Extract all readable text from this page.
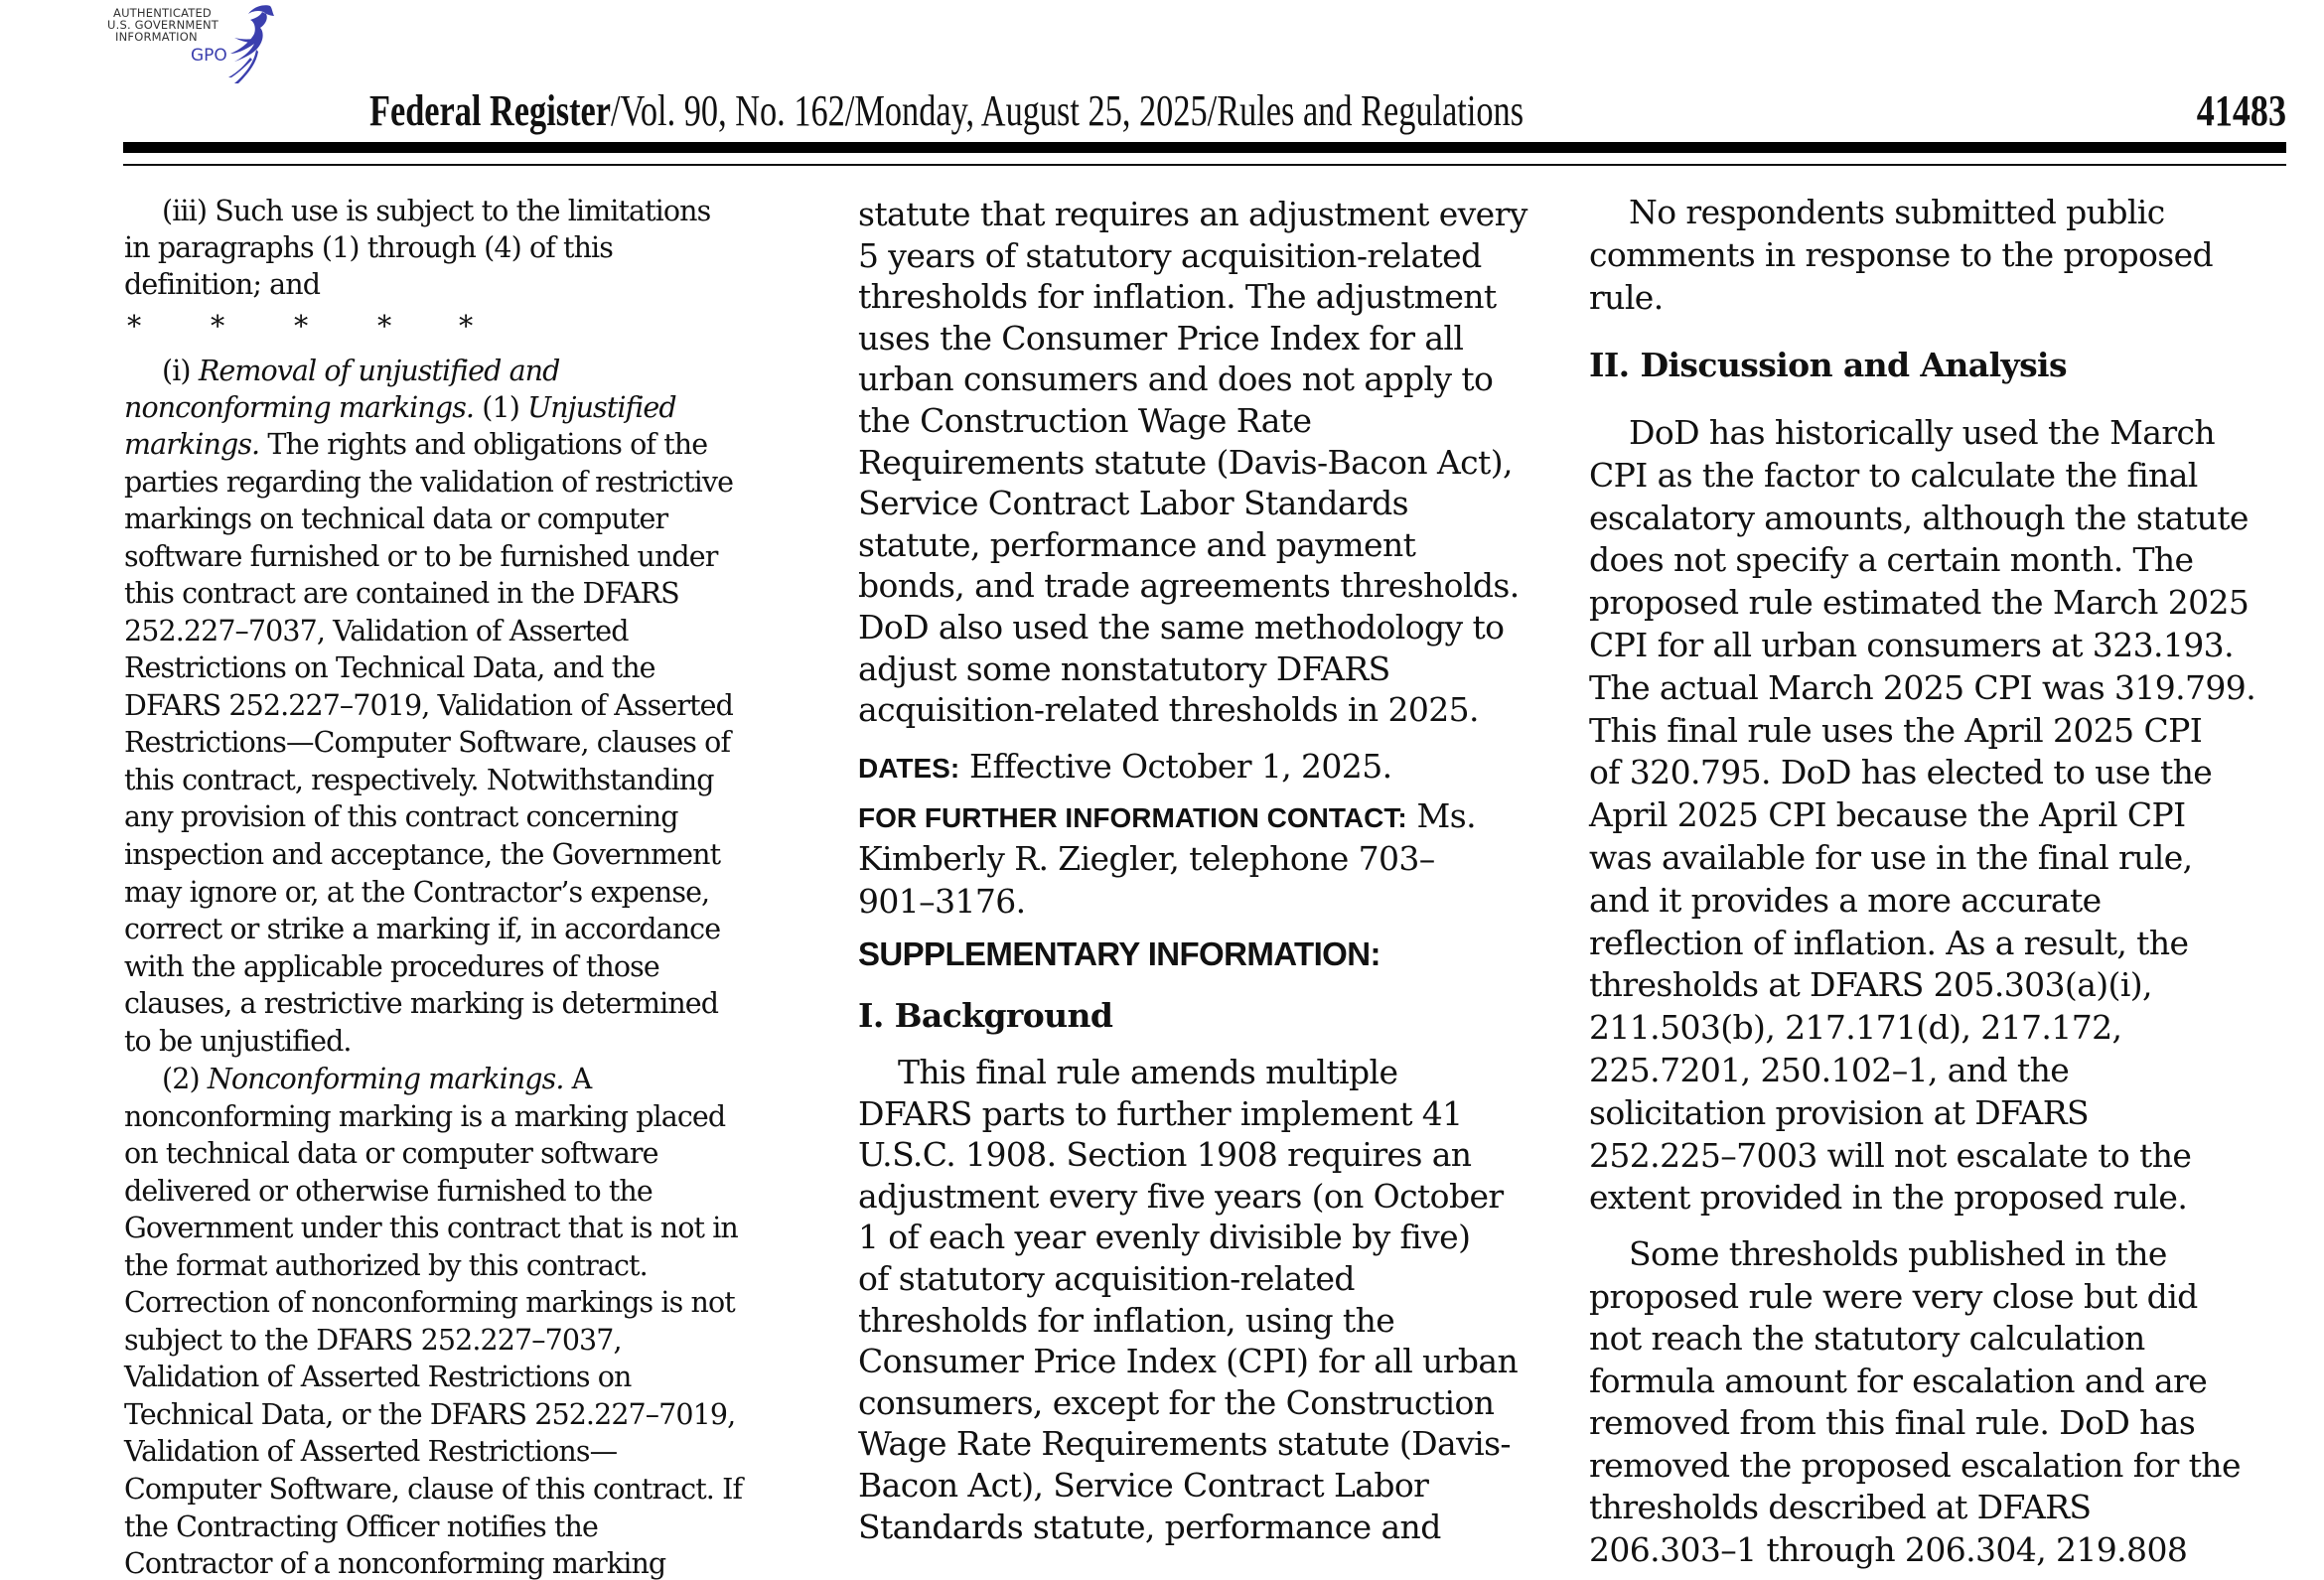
AUTHENTICATED
U.S. GOVERNMENT
INFORMATION
GPO
Federal Register/Vol. 90, No. 162/Monday, August 25, 2025/Rules and Regulations	41483
(iii) Such use is subject to the limitations
in paragraphs (1) through (4) of this
definition; and
* * * * *
(i) Removal of unjustified and
nonconforming markings. (1) Unjustified
markings. The rights and obligations of the
parties regarding the validation of restrictive
markings on technical data or computer
software furnished or to be furnished under
this contract are contained in the DFARS
252.227–7037, Validation of Asserted
Restrictions on Technical Data, and the
DFARS 252.227–7019, Validation of Asserted
Restrictions—Computer Software, clauses of
this contract, respectively. Notwithstanding
any provision of this contract concerning
inspection and acceptance, the Government
may ignore or, at the Contractor’s expense,
correct or strike a marking if, in accordance
with the applicable procedures of those
clauses, a restrictive marking is determined
to be unjustified.
(2) Nonconforming markings. A
nonconforming marking is a marking placed
on technical data or computer software
delivered or otherwise furnished to the
Government under this contract that is not in
the format authorized by this contract.
Correction of nonconforming markings is not
subject to the DFARS 252.227–7037,
Validation of Asserted Restrictions on
Technical Data, or the DFARS 252.227–7019,
Validation of Asserted Restrictions—
Computer Software, clause of this contract. If
the Contracting Officer notifies the
Contractor of a nonconforming marking
statute that requires an adjustment every
5 years of statutory acquisition-related
thresholds for inflation. The adjustment
uses the Consumer Price Index for all
urban consumers and does not apply to
the Construction Wage Rate
Requirements statute (Davis-Bacon Act),
Service Contract Labor Standards
statute, performance and payment
bonds, and trade agreements thresholds.
DoD also used the same methodology to
adjust some nonstatutory DFARS
acquisition-related thresholds in 2025.
DATES: Effective October 1, 2025.
FOR FURTHER INFORMATION CONTACT: Ms.
Kimberly R. Ziegler, telephone 703–
901–3176.
SUPPLEMENTARY INFORMATION:
I. Background
This final rule amends multiple
DFARS parts to further implement 41
U.S.C. 1908. Section 1908 requires an
adjustment every five years (on October
1 of each year evenly divisible by five)
of statutory acquisition-related
thresholds for inflation, using the
Consumer Price Index (CPI) for all urban
consumers, except for the Construction
Wage Rate Requirements statute (Davis-
Bacon Act), Service Contract Labor
Standards statute, performance and
No respondents submitted public
comments in response to the proposed
rule.
II. Discussion and Analysis
DoD has historically used the March
CPI as the factor to calculate the final
escalatory amounts, although the statute
does not specify a certain month. The
proposed rule estimated the March 2025
CPI for all urban consumers at 323.193.
The actual March 2025 CPI was 319.799.
This final rule uses the April 2025 CPI
of 320.795. DoD has elected to use the
April 2025 CPI because the April CPI
was available for use in the final rule,
and it provides a more accurate
reflection of inflation. As a result, the
thresholds at DFARS 205.303(a)(i),
211.503(b), 217.171(d), 217.172,
225.7201, 250.102–1, and the
solicitation provision at DFARS
252.225–7003 will not escalate to the
extent provided in the proposed rule.
Some thresholds published in the
proposed rule were very close but did
not reach the statutory calculation
formula amount for escalation and are
removed from this final rule. DoD has
removed the proposed escalation for the
thresholds described at DFARS
206.303–1 through 206.304, 219.808
